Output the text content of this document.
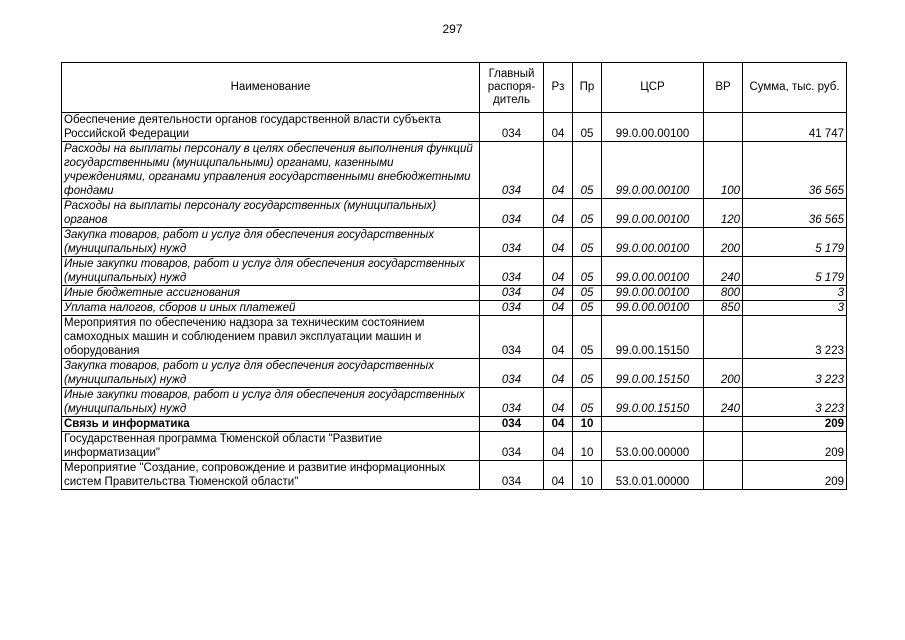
297
Наименование	Главный распоря-дитель	Рз	Пр	ЦСР	ВР	Сумма, тыс. руб.
Обеспечение деятельности органов государственной власти субъекта Российской Федерации	034	04	05	99.0.00.00100		41 747
Расходы на выплаты персоналу в целях обеспечения выполнения функций государственными (муниципальными) органами, казенными учреждениями, органами управления государственными внебюджетными фондами	034	04	05	99.0.00.00100	100	36 565
Расходы на выплаты персоналу государственных (муниципальных) органов	034	04	05	99.0.00.00100	120	36 565
Закупка товаров, работ и услуг для обеспечения государственных (муниципальных) нужд	034	04	05	99.0.00.00100	200	5 179
Иные закупки товаров, работ и услуг для обеспечения государственных (муниципальных) нужд	034	04	05	99.0.00.00100	240	5 179
Иные бюджетные ассигнования	034	04	05	99.0.00.00100	800	3
Уплата налогов, сборов и иных платежей	034	04	05	99.0.00.00100	850	3
Мероприятия по обеспечению надзора за техническим состоянием самоходных машин и соблюдением правил эксплуатации машин и оборудования	034	04	05	99.0.00.15150		3 223
Закупка товаров, работ и услуг для обеспечения государственных (муниципальных) нужд	034	04	05	99.0.00.15150	200	3 223
Иные закупки товаров, работ и услуг для обеспечения государственных (муниципальных) нужд	034	04	05	99.0.00.15150	240	3 223
Связь и информатика	034	04	10			209
Государственная программа Тюменской области "Развитие информатизации"	034	04	10	53.0.00.00000		209
Мероприятие "Создание, сопровождение и развитие информационных систем Правительства Тюменской области"	034	04	10	53.0.01.00000		209
